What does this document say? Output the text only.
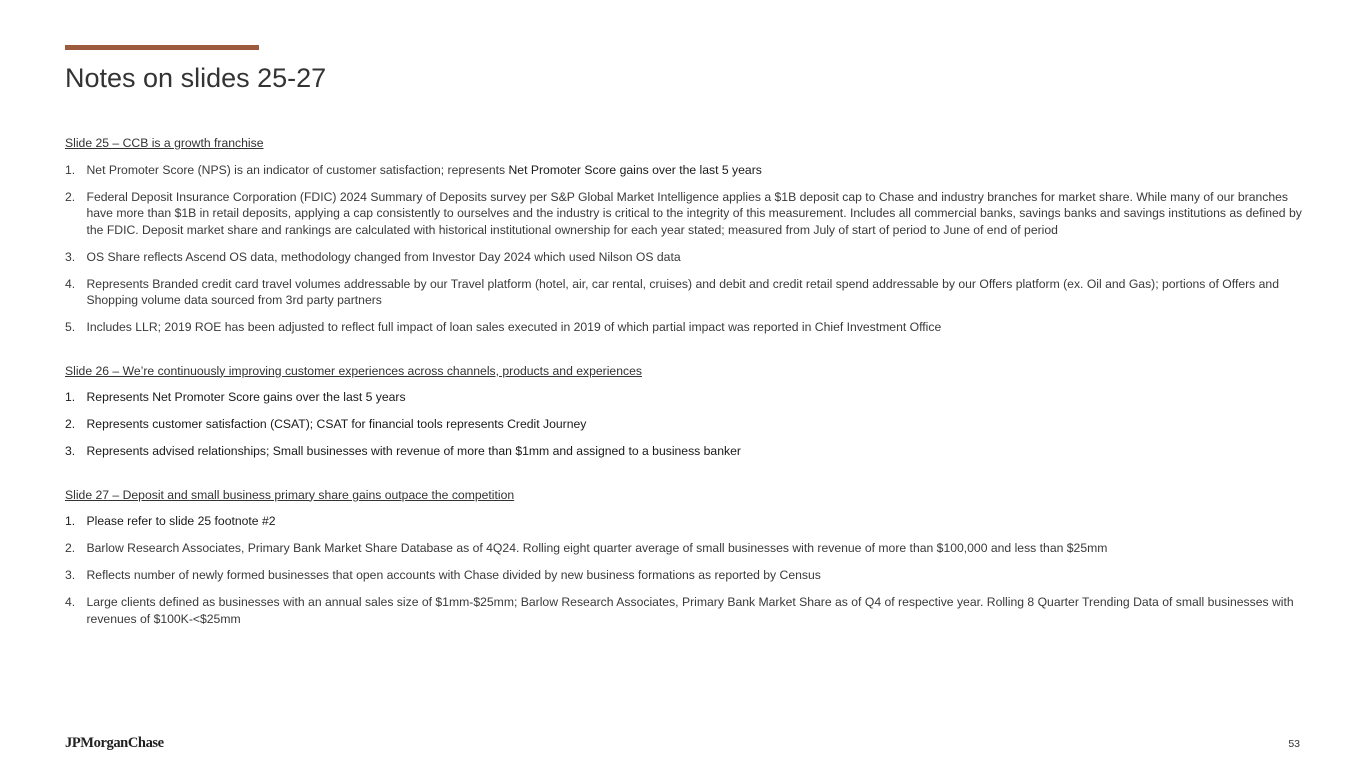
Notes on slides 25-27
Slide 25 – CCB is a growth franchise
1. Net Promoter Score (NPS) is an indicator of customer satisfaction; represents Net Promoter Score gains over the last 5 years
2. Federal Deposit Insurance Corporation (FDIC) 2024 Summary of Deposits survey per S&P Global Market Intelligence applies a $1B deposit cap to Chase and industry branches for market share. While many of our branches have more than $1B in retail deposits, applying a cap consistently to ourselves and the industry is critical to the integrity of this measurement. Includes all commercial banks, savings banks and savings institutions as defined by the FDIC. Deposit market share and rankings are calculated with historical institutional ownership for each year stated; measured from July of start of period to June of end of period
3. OS Share reflects Ascend OS data, methodology changed from Investor Day 2024 which used Nilson OS data
4. Represents Branded credit card travel volumes addressable by our Travel platform (hotel, air, car rental, cruises) and debit and credit retail spend addressable by our Offers platform (ex. Oil and Gas); portions of Offers and Shopping volume data sourced from 3rd party partners
5. Includes LLR; 2019 ROE has been adjusted to reflect full impact of loan sales executed in 2019 of which partial impact was reported in Chief Investment Office
Slide 26 – We’re continuously improving customer experiences across channels, products and experiences
1. Represents Net Promoter Score gains over the last 5 years
2. Represents customer satisfaction (CSAT); CSAT for financial tools represents Credit Journey
3. Represents advised relationships; Small businesses with revenue of more than $1mm and assigned to a business banker
Slide 27 – Deposit and small business primary share gains outpace the competition
1. Please refer to slide 25 footnote #2
2. Barlow Research Associates, Primary Bank Market Share Database as of 4Q24. Rolling eight quarter average of small businesses with revenue of more than $100,000 and less than $25mm
3. Reflects number of newly formed businesses that open accounts with Chase divided by new business formations as reported by Census
4. Large clients defined as businesses with an annual sales size of $1mm-$25mm; Barlow Research Associates, Primary Bank Market Share as of Q4 of respective year. Rolling 8 Quarter Trending Data of small businesses with revenues of $100K-<$25mm
JPMorganChase	53
